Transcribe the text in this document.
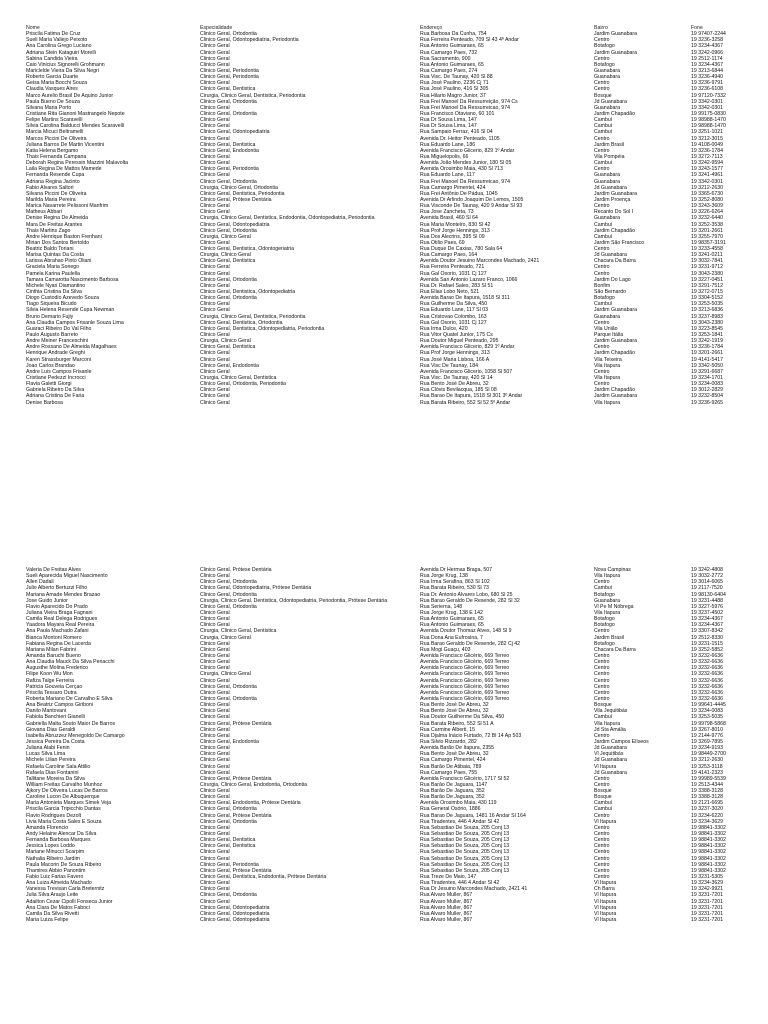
Nome	Especialidade	Endereço	Bairro	Fone
Priscila Fatima De Cruz	Clinico Geral, Ortodontia	Rua Barbosa Da Cunha, 754	Jardim Guanabara	19 97407-2244
Sueli Maria Vallejo Peixoto	Clinico Geral, Odontopediatria, Periodontia	Rua Ferreira Penteado, 709 Sl 43 4º Andar	Centro	19 3236-3258
Ana Carolina Grego Luciano	Clinico Geral	Rua Antonio Guimaraes, 65	Botafogo	19 3234-4367
Adriana Stein Kataguiri Morelli	Clinico Geral	Rua Camargo Paes, 732	Jardim Guanabara	19 3242-0966
Sabina Candida Vieira	Clinico Geral	Rua Sacramento, 900	Centro	19 2512-1174
Caio Vinicius Signorelli Grohmann	Clinico Geral	Rua Antonio Guimaraes, 65	Botafogo	19 3234-4367
Mariclelde Vieira Da Silva Negri	Clinico Geral, Periodontia	Rua Camargo Paes, 274	Guanabara	19 3213-6844
Roberto Garcia Duarte	Clinico Geral, Periodontia	Rua Visc. De Taunay, 420 Sl 88	Guanabara	19 3236-4940
Geisa Maria Bocchi Souza	Clinico Geral	Rua José Paulino, 2236 Cj 71	Centro	19 3236-9791
Claudia Vasques Aires	Clinico Geral, Dentistica	Rua José Paulino, 416 Sl 305	Centro	19 3236-6108
Marco Aurelio Brasil De Aquino Junior	Cirurgia, Clinico Geral, Dentistica, Periodontia	Rua Hilario Magro Junior, 37	Bosque	19 97120-7332
Paula Bueno De Souza	Clinico Geral, Ortodontia	Rua Frei Manoel Da Ressurreição, 974 Cs	Jd Guanabara	19 3342-0301
Silvana Maria Porto	Clinico Geral	Rua Frei Manoel Da Ressurreicao, 974	Guanabara	19 3342-0301
Cristiane Rita Gianoni Mastrangelo Nepote	Clinico Geral, Ortodontia	Rua Francisco Otaviano, 60 101	Jardim Chapadão	19 99175-0830
Felipe Martins Scaravelli	Clinico Geral	Rua Dr Sousa Lima, 147	Cambuí	19 98988-1470
Silvia Carolina Balducci Mendes Scaravelli	Clinico Geral	Rua Dr Sousa Lima, 147	Cambui	19 98988-1470
Marcia Micuci Beltramelli	Clinico Geral, Odontopediatria	Rua Sampaio Ferraz, 416 Sl 04	Cambui	19 3251-1021
Marcos Piccini De Oliveira	Clinico Geral	Avenida Dr. Heitor Penteado, 1105	Centro	19 3212-3015
Juliana Barros De Martin Vicentini	Clinico Geral, Dentistica	Rua Eduardo Lane, 186	Jardim Brasil	19 4108-0049
Katia Helena Bergamo	Clinico Geral, Endodontia	Avenida Francisco Glicerio, 829 1º Andar	Centro	19 3236-1784
Thais Fernanda Campana	Clinico Geral	Rua Miguelopolis, 66	Vila Pompéia	19 3272-7113
Deborah Regina Peressin Mazzini Malavolta	Clinico Geral	Avenida João Mendes Junior, 180 Sl 05	Cambui	19 3242-9594
Laila Regina De Mattos Mamede	Clinico Geral, Periodontia	Avenida Orosimbo Maia, 430 Sl 713	Centro	19 3243-1577
Fernanda Resende Cupa	Clinico Geral	Rua Eduardo Lane, 117	Guanabara	19 3241-4961
Adriana Regina Jacinto	Clinico Geral, Ortodontia	Rua Frei Manoel Da Ressurreicao, 974	Guanabara	19 3342-0301
Fabio Alvares Saltori	Cirurgia, Clinico Geral, Ortodontia	Rua Camargo Pimentel, 424	Jd Guanabara	19 3212-2630
Silvana Piccini De Oliveira	Clinico Geral, Dentistica, Periodontia	Rua Frei Antônio De Pádua, 1045	Jardim Guanabara	19 3365-6730
Marilda Maria Pereira	Clinico Geral, Prótese Dentária	Avenida Dr Arlindo Joaquim De Lemos, 1505	Jardim Proença	19 3252-8080
Marica Navarrete Pelissoni Manfrim	Clinico Geral	Rua Visconde De Taunay, 420 9 Andar Sl 93	Centro	19 3243-3609
Matheus Abbari	Clinico Geral	Rua Jose Zancheta, 73	Recanto Do Sol I	19 3226-6264
Denise Regina De Almeida	Cirurgia, Clinico Geral, Dentistica, Endodontia, Odontopediatria, Periodontia	Avenida Brasil, 460 Sl 64	Guanabara	19 3232-6440
Mara De Freitas Arantes	Clinico Geral, Odontopediatria	Rua Maria Monteiro, 830 Sl 42	Cambui	19 3252-3538
Thais Martins Zago	Clinico Geral, Ortodontia	Rua Prof Jorge Hennings, 313	Jardim Chapadão	19 3201-2661
Andre Henrique Baston Frenhani	Cirurgia, Clinico Geral	Rua Dos Alecrins, 395 Sl 09	Cambuí	19 3255-7970
Mirian Dos Santos Bertoldo	Clinico Geral	Rua Otilio Paes, 69	Jardim São Francisco	19 98357-3191
Beatriz Baldo Toriani	Clinico Geral, Dentistica, Odontogeriatria	Rua Duque De Caxias, 780 Sala 64	Centro	19 3233-4558
Marisa Quintas Da Costa	Cirurgia, Clinico Geral	Rua Camargo Paes, 164	Jd Guanabara	19 3241-0211
Larissa Abrahao Pinto Oliani	Clinico Geral, Dentistica	Avenida Doutor Jesuino Marcondes Machado, 2421	Chacara Da Barra	19 3032-7841
Graciela Maria Sonego	Clinico Geral	Rua Ferreira Penteado, 721	Centro	19 3231-9712
Pamela Karina Paulella	Clinico Geral	Rua Gal Osorio, 1031 Cj 127	Centro	19 3043-2380
Tamara Camarotta Nascimento Barbosa	Clinico Geral, Ortodontia	Avenida San Antonio Lazaro Franco, 1066	Jardim Do Lago	19 3227-0451
Michele Nyari Diamantino	Clinico Geral	Rua Dr. Rafael Sales, 283 Sl 51	Bonfim	19 3291-7512
Cinthia Cristina Da Silva	Clinico Geral, Dentistica, Odontopediatria	Rua Elias Lobo Neto, 521	São Bernardo	19 3272-0715
Diogo Custodio Azevedo Souza	Clinico Geral, Ortodontia	Avenida Barao De Itapura, 1518 Sl 311	Botafogo	19 3304-5152
Tiago Siqueira Bicudo	Clinico Geral	Rua Guilherme Da Silva, 450	Cambuí	19 3253-5035
Silvia Helena Resende Cupa Newman	Clinico Geral	Rua Eduardo Lane, 117 Sl 03	Jardim Guanabara	19 3213-6836
Bruno Demario Fujiy	Cirurgia, Clinico Geral, Dentistica, Periodontia	Rua Cristovao Colombo, 163	Guanabara	19 3237-8983
Ana Claudia Campos Frisanle Souza Lima	Clinico Geral, Dentistica, Ortodontia	Rua Gal Osorio, 1031 Cj 127	Centro	19 3043-2380
Guaraci Ribeiro Do Val Filho	Clinico Geral, Dentistica, Odontopediatria, Periodontia	Rua Irma Dulce, 420	Vila União	19 3223-8545
Paulo Augusto Barreto	Clinico Geral	Rua Vitor Quatel Junior, 175 Cs	Parque Itália	19 3253-1841
Andre Meiner Franceschini	Cirurgia, Clinico Geral	Rua Doutor Miguel Penteado, 295	Jardim Guanabara	19 3242-1919
Andre Rossano De Almeida Magalhaes	Clinico Geral, Dentistica	Avenida Francisco Glicerio, 829 1º Andar	Centro	19 3236-1784
Henrique Andrade Greghi	Clinico Geral	Rua Prof Jorge Hennings, 313	Jardim Chapadão	19 3201-2661
Karen Strassburger Marconi	Clinico Geral	Rua José Maria Lisboa, 166 A	Vila Teixeira	19 4141-5417
Joao Carlos Brandao	Clinico Geral, Endodontia	Rua Visc De Taunay, 184	Vila Itapura	19 3342-5050
Andre Luis Campos Frisanle	Clinico Geral	Avenida Francisco Glicerio, 1058 Sl 507	Centro	19 3291-6687
Cristiane Pedezzi Incrocci	Cirurgia, Clinico Geral, Dentistica	Rua Visc. De Taunay, 420 Sl 14	Vila Itapura	19 3234-1701
Flavia Galetti Giorgi	Clinico Geral, Ortodontia, Periodontia	Rua Bento José De Abreu, 32	Centro	19 3234-0083
Gabriela Ribeiro Da Silva	Clinico Geral	Rua Clóvis Bevilacqua, 185 Sl 08	Jardim Chapadão	19 3012-2829
Adriana Cristina De Faria	Clinico Geral	Rua Barao De Itapura, 1518 Sl 301 3º Andar	Jardim Guanabara	19 3232-8504
Denise Barbosa	Clinico Geral	Rua Barata Ribeiro, 552 Sl 52 5º Andar	Vila Itapura	19 3236-9265
Valeria De Freitas Alves	Clinico Geral, Prótese Dentária	Avenida Dr Hermas Braga, 507	Nova Campinas	19 3242-4808
Sueli Aparecida Miguel Nascimento	Clinico Geral	Rua Jorge Krug, 138	Vila Itapura	19 3032-2772
Allen Dadali	Clinico Geral, Ortodontia	Rua Irma Serafina, 863 Sl 102	Centro	19 3014-6065
Julio Alberto Bertuzzi Filho	Clinico Geral, Odontopediatria, Prótese Dentária	Rua Barata Ribeiro, 530 Sl 73	Cambui	19 2117-7520
Mariana Amade Mendes Brazao	Clinico Geral, Ortodontia	Rua Dr. Antonio Alvares Lobo, 680 Sl 25	Botafogo	19 98130-6404
Jose Guido Junior	Cirurgia, Clinico Geral, Dentistica, Odontopediatria, Periodontia, Prótese Dentária	Rua Barao Geraldo De Resende, 282 Sl 32	Guanabara	19 3231-4488
Flavio Aparecido Do Prado	Clinico Geral, Ortodontia	Rua Serierna, 148	Vl Pe M Nóbrega	19 3227-5976
Juliana Vieira Braga Fagnani	Clinico Geral	Rua Jorge Krug, 138 E 142	Vila Itapura	19 3237-4502
Camila Real Delega Rodrigues	Clinico Geral	Rua Antonio Guimaraes, 65	Botafogo	19 3234-4367
Yaadora Mayara Real Pereira	Clinico Geral	Rua Antonio Guimaraes, 65	Botafogo	19 3234-4367
Ana Paula Machado Zafani	Cirurgia, Clinico Geral, Dentistica	Avenida Doutor Thomaz Alves, 148 Sl 9	Centro	19 3307-8342
Bianca Montoni Romero	Cirurgia, Clinico Geral	Rua Dona Ana Eufrosina, 7	Jardim Brasil	19 2512-8330
Fabiana Regina De Lacerda	Clinico Geral	Rua Barao Geraldo De Resende, 282 Cj 42	Botafogo	19 3231-1515
Mariana Milan Fabrini	Clinico Geral	Rua Mogi Guaçu, 403	Chacara Da Barra	19 3252-5852
Amanda Baruchi Bueno	Clinico Geral	Avenida Francisco Glicério, 669 Terreo	Centro	19 3232-6636
Ana Claudia Mauck Da Silva Penacchi	Clinico Geral	Avenida Francisco Glicério, 669 Terreo	Centro	19 3232-6636
Augusthe Molina Frederico	Clinico Geral	Avenida Francisco Glicério, 669 Terreo	Centro	19 3232-6636
Filipe Koon Wu Mon	Cirurgia, Clinico Geral	Avenida Francisco Glicério, 669 Terreo	Centro	19 3232-6636
Rafiza Talge Ferreira	Clinico Geral	Avenida Francisco Glicério, 669 Terreo	Centro	19 3232-6636
Patricia Gouveia Cerçao	Clinico Geral, Ortodontia	Avenida Francisco Glicério, 669 Terreo	Centro	19 3232-6636
Priscila Tessaro Outra	Clinico Geral	Avenida Francisco Glicério, 669 Terreo	Centro	19 3232-6636
Roberta Mariano De Carvalho E Silva	Clinico Geral, Ortodontia	Avenida Francisco Glicério, 669 Terreo	Centro	19 3232-6636
Ana Beatriz Campos Giriboni	Clinico Geral	Rua Bento José De Abreu, 32	Bosque	19 99641-4445
Danilo Mantovani	Clinico Geral	Rua Bento José De Abreu, 32	Vila Jequitibás	19 3234-0083
Fabiola Banchieri Gianelli	Clinico Geral	Rua Doutor Guilherme Da Silva, 450	Cambuí	19 3253-5035
Gabriella Malta Souto Maior De Barros	Clinico Geral, Prótese Dentária	Rua Barata Ribeiro, 552 Sl 51 A	Vila Itapura	19 99798-5868
Giovana Dias Geraldi	Clinico Geral	Rua Carmine Alberti, 15	Jd Sta Amália	19 3267-8010
Isabella Abruzzez Menegoldo De Camargo	Clinico Geral	Rua Djalma Inácio Furtado, 72 Bl 14 Ap 503	Centro	19 2144-9776
Jessica Pereira Da Costa	Clinico Geral, Endodontia	Rua Silvio Rizzardo, 282	Jardim Campos Elíseos	19 3269-7895
Juliana Alabi Fenin	Clinico Geral	Avenida Barão De Itapura, 2355	Jd Guanabara	19 3234-9193
Lucas Silva Lima	Clinico Geral	Rua Bento José De Abreu, 32	Vl Jequitibás	19 98449-2700
Michele Lilian Pereira	Clinico Geral	Rua Camargo Pimentel, 424	Jd Guanabara	19 3212-2630
Rafaela Caroline Sala Attilio	Clinico Geral	Rua Barão De Atibaia, 789	Vl Itapura	19 3253-3118
Rafaela Dias Fontanini	Clinico Geral	Rua Camargo Paes, 755	Jd Guanabara	19 4141-2323
Tallitane Moreira Da Silva	Clinico Geral, Prótese Dentária	Avenida Francisco Glicério, 1717 Sl 52	Centro	19 99989-5539
William Freitas Carvalho Munhoz	Cirurgia, Clinico Geral, Endodontia, Ortodontia	Rua Barão De Jaguara, 1147	Centro	19 2513-4344
Ajkory De Oliveira Lucas De Barros	Clinico Geral	Rua Barão De Jaguara, 352	Bosque	19 3388-3128
Caroline Lucon De Albuquerque	Clinico Geral	Rua Barão De Jaguara, 352	Bosque	19 3388-3128
Maria Antonieta Marques Simek Veja	Clinico Geral, Endodontia, Prótese Dentária	Avenida Orosimbo Maia, 430 119	Cambuí	19 2121-6695
Priscila Garcia Tripicchio Dantas	Clinico Geral, Ortodontia	Rua General Osório, 1886	Cambuí	19 3237-3020
Flavio Rodrigues Dezolt	Clinico Geral, Prótese Dentária	Rua Barao De Jaguara, 1481 16 Andar Sl 164	Centro	19 3234-6220
Livia Maria Costa Sales E Souza	Clinico Geral, Ortodontia	Rua Tiradentes, 446 4 Andar Sl 42	Vl Itapura	19 3234-3629
Amanda Florencio	Clinico Geral	Rua Sebastiao De Souza, 205 Conj 13	Centro	19 98841-3302
Andy Helaine Alencar Da Silva	Clinico Geral	Rua Sebastiao De Souza, 205 Conj 13	Centro	19 98841-3302
Fernanda Barbosa Marques	Clinico Geral, Dentistica	Rua Sebastiao De Souza, 205 Conj 13	Centro	19 98841-3302
Jessica Lopes Loddo	Clinico Geral, Dentistica	Rua Sebastiao De Souza, 205 Conj 13	Centro	19 98841-3302
Mariane Minucci Scarpim	Clinico Geral	Rua Sebastiao De Souza, 205 Conj 13	Centro	19 98841-3302
Nathalia Ribeiro Jardim	Clinico Geral	Rua Sebastiao De Souza, 205 Conj 13	Centro	19 98841-3302
Paula Macorin De Souza Ribeiro	Clinico Geral, Periodontia	Rua Sebastiao De Souza, 205 Conj 13	Centro	19 98841-3302
Thamires Abbio Panontim	Clinico Geral, Prótese Dentária	Rua Sebastiao De Souza, 205 Conj 13	Centro	19 98841-3302
Fabio Luiz Farias Favero	Clinico Geral, Dentistica, Endodontia, Prótese Dentária	Rua Treze De Maio, 147	Centro	19 3231-5305
Ana Luiza Almeida Machado	Clinico Geral	Rua Tiradentes, 446 4 Andar Sl 42	Vl Itapura	19 3234-3629
Vanessa Trevisan Carla Breternitz	Clinico Geral	Rua Dr Jesuino Marcondes Machado, 2421 41	Ch Barra	19 3242-9921
Julia Silva Araujo Leite	Clinico Geral, Ortodontia	Rua Alvaro Muller, 867	Vl Itapura	19 3231-7201
Adailton Cezar Cipolli Fonseca Junior	Clinico Geral	Rua Alvaro Muller, 867	Vl Itapura	19 3231-7201
Ana Clara De Matos Faboci	Clinico Geral, Odontopediatria	Rua Alvaro Muller, 867	Vl Itapura	19 3231-7201
Camila Da Silva Rivetti	Clinico Geral, Odontopediatria	Rua Alvaro Muller, 867	Vl Itapura	19 3231-7201
Maria Luiza Felipe	Clinico Geral, Odontopediatria	Rua Alvaro Muller, 867	Vl Itapura	19 3231-7201
